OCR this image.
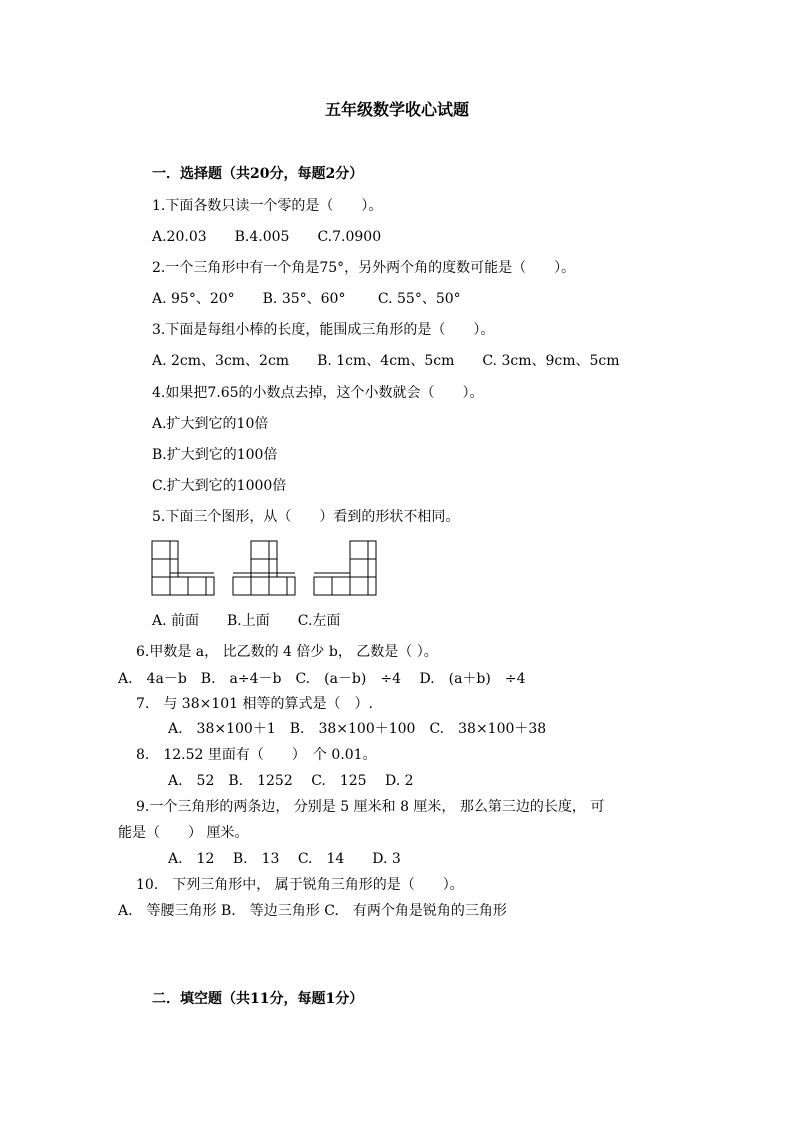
五年级数学收心试题
一．选择题（共20分，每题2分）
1.下面各数只读一个零的是（　　）。
A.20.03　　B.4.005　　C.7.0900
2.一个三角形中有一个角是75°，另外两个角的度数可能是（　　）。
A. 95°、20°　　B. 35°、60°　　 C. 55°、50°
3.下面是每组小棒的长度，能围成三角形的是（　　）。
A. 2cm、3cm、2cm　　B. 1cm、4cm、5cm　　C. 3cm、9cm、5cm
4.如果把7.65的小数点去掉，这个小数就会（　　）。
A.扩大到它的10倍
B.扩大到它的100倍
C.扩大到它的1000倍
5.下面三个图形，从（　　）看到的形状不相同。
A. 前面　　B.上面　　C.左面
6.甲数是 a， 比乙数的 4 倍少 b， 乙数是（ ）。
A.　4a－b　B.　a÷4－b　C.　(a－b)　÷4　 D.　(a＋b)　÷4
7.　与 38×101 相等的算式是（　）.
A.　38×100＋1　B.　38×100＋100　C.　38×100＋38
8.　12.52 里面有（　　）　个 0.01。
A.　52　B.　1252　 C.　125　 D. 2
9.一个三角形的两条边， 分别是 5 厘米和 8 厘米， 那么第三边的长度， 可
能是（　　） 厘米。
A.　12　 B.　13　 C.　14　　D. 3
10.　下列三角形中， 属于锐角三角形的是（　　）。
A.　等腰三角形 B.　等边三角形 C.　有两个角是锐角的三角形
二．填空题（共11分，每题1分）
